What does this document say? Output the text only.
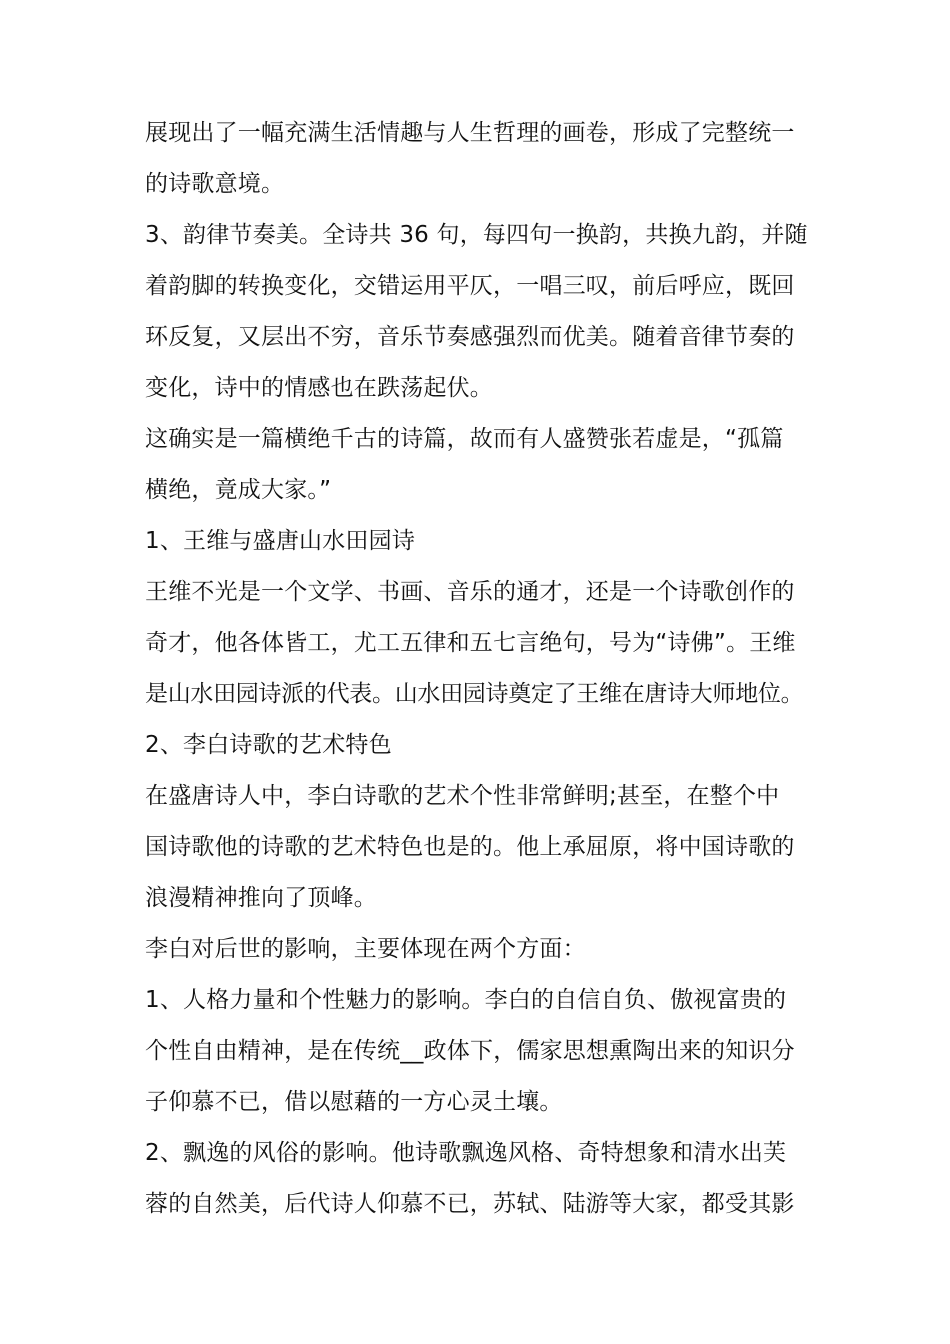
展现出了一幅充满生活情趣与人生哲理的画卷，形成了完整统一
的诗歌意境。
3、韵律节奏美。全诗共 36 句，每四句一换韵，共换九韵，并随
着韵脚的转换变化，交错运用平仄，一唱三叹，前后呼应，既回
环反复，又层出不穷，音乐节奏感强烈而优美。随着音律节奏的
变化，诗中的情感也在跌荡起伏。
这确实是一篇横绝千古的诗篇，故而有人盛赞张若虚是，“孤篇
横绝，竟成大家。”
1、王维与盛唐山水田园诗
王维不光是一个文学、书画、音乐的通才，还是一个诗歌创作的
奇才，他各体皆工，尤工五律和五七言绝句，号为“诗佛”。王维
是山水田园诗派的代表。山水田园诗奠定了王维在唐诗大师地位。
2、李白诗歌的艺术特色
在盛唐诗人中，李白诗歌的艺术个性非常鲜明;甚至，在整个中
国诗歌他的诗歌的艺术特色也是的。他上承屈原，将中国诗歌的
浪漫精神推向了顶峰。
李白对后世的影响，主要体现在两个方面：
1、人格力量和个性魅力的影响。李白的自信自负、傲视富贵的
个性自由精神，是在传统__政体下，儒家思想熏陶出来的知识分
子仰慕不已，借以慰藉的一方心灵土壤。
2、飘逸的风俗的影响。他诗歌飘逸风格、奇特想象和清水出芙
蓉的自然美，后代诗人仰慕不已，苏轼、陆游等大家，都受其影
